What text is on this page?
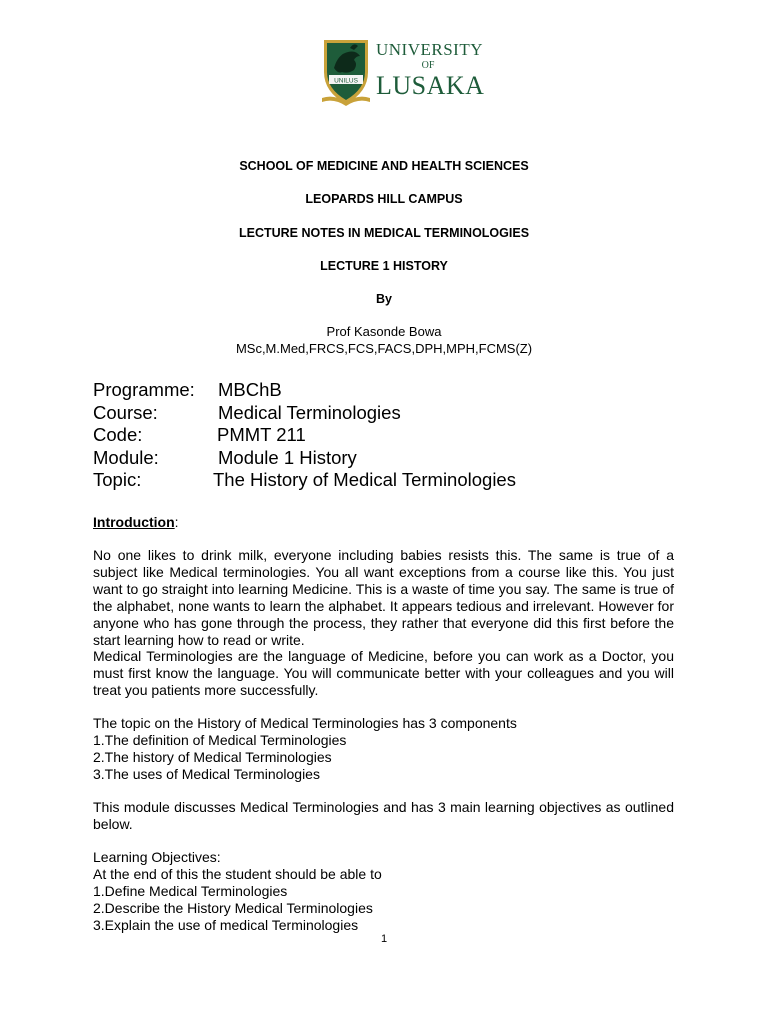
UNILUS
UNIVERSITY
OF
LUSAKA
SCHOOL OF MEDICINE AND HEALTH SCIENCES
LEOPARDS HILL CAMPUS
LECTURE NOTES IN MEDICAL TERMINOLOGIES
LECTURE 1 HISTORY
By
Prof Kasonde Bowa
MSc,M.Med,FRCS,FCS,FACS,DPH,MPH,FCMS(Z)
Programme: MBChB
Course:	Medical Terminologies
Code:	PMMT 211
Module:	Module 1 History
Topic:	The History of Medical Terminologies
Introduction:
No one likes to drink milk, everyone including babies resists this. The same is true of a subject like Medical terminologies. You all want exceptions from a course like this. You just want to go straight into learning Medicine. This is a waste of time you say. The same is true of the alphabet, none wants to learn the alphabet. It appears tedious and irrelevant. However for anyone who has gone through the process, they rather that everyone did this first before the start learning how to read or write.
Medical Terminologies are the language of Medicine, before you can work as a Doctor, you must first know the language. You will communicate better with your colleagues and you will treat you patients more successfully.
The topic on the History of Medical Terminologies has 3 components
1.The definition of Medical Terminologies
2.The history of Medical Terminologies
3.The uses of Medical Terminologies
This module discusses Medical Terminologies and has 3 main learning objectives as outlined below.
Learning Objectives:
At the end of this the student should be able to
1.Define Medical Terminologies
2.Describe the History Medical Terminologies
3.Explain the use of medical Terminologies
1
